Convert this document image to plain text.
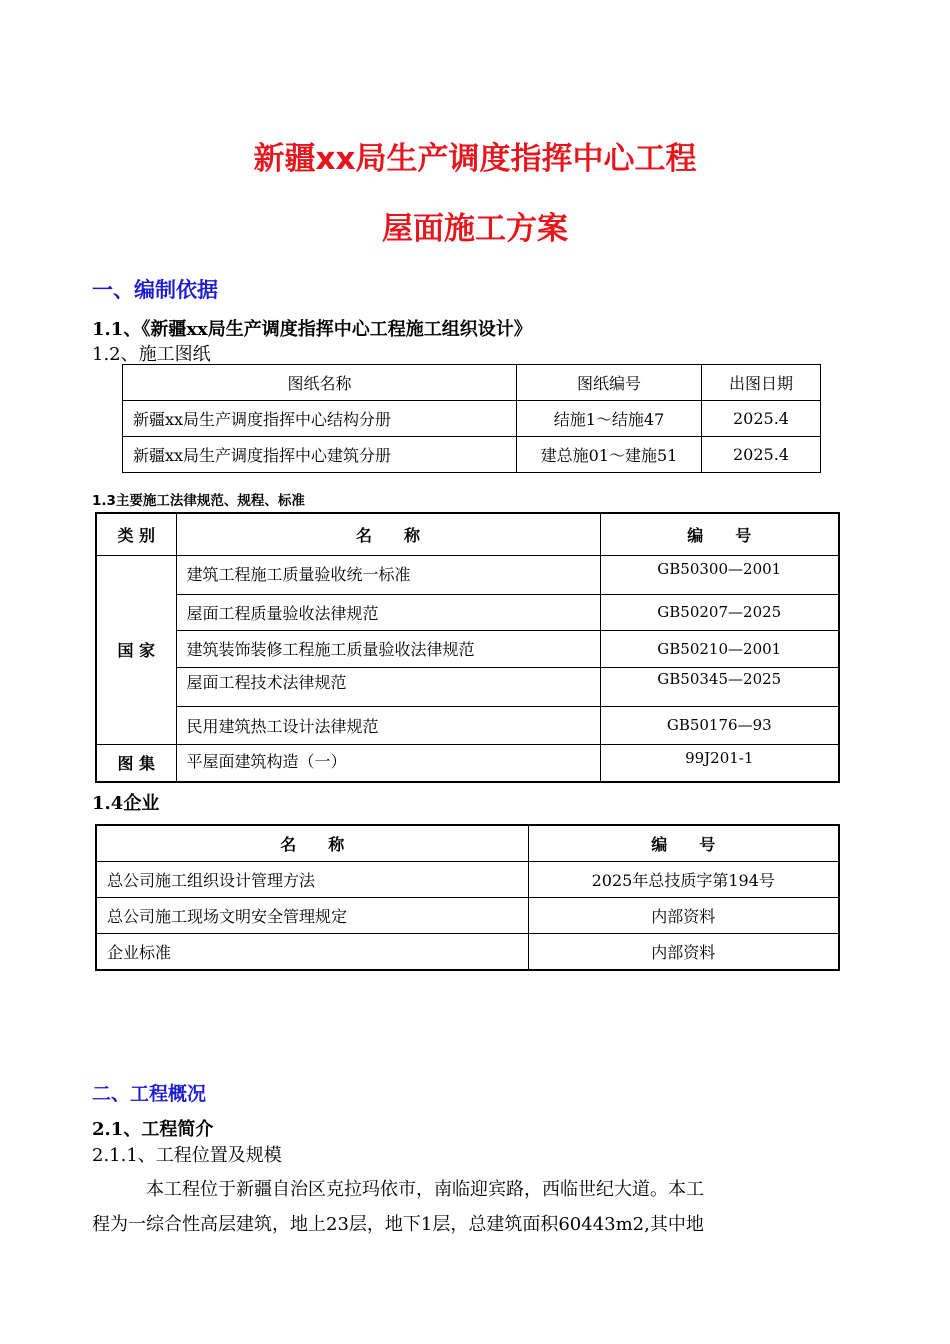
新疆xx局生产调度指挥中心工程
屋面施工方案
一、编制依据
1.1、《新疆xx局生产调度指挥中心工程施工组织设计》
1.2、施工图纸
图纸名称	图纸编号	出图日期
新疆xx局生产调度指挥中心结构分册	结施1～结施47	2025.4
新疆xx局生产调度指挥中心建筑分册	建总施01～建施51	2025.4
1.3主要施工法律规范、规程、标准
类 别	名　　称	编　　号
国 家	建筑工程施工质量验收统一标准	GB50300—2001
	屋面工程质量验收法律规范	GB50207—2025
	建筑装饰装修工程施工质量验收法律规范	GB50210—2001
	屋面工程技术法律规范	GB50345—2025
	民用建筑热工设计法律规范	GB50176—93
图 集	平屋面建筑构造（一）	99J201-1
1.4企业
名　　称	编　　号
总公司施工组织设计管理方法	2025年总技质字第194号
总公司施工现场文明安全管理规定	内部资料
企业标准	内部资料
二、工程概况
2.1、工程简介
2.1.1、工程位置及规模
本工程位于新疆自治区克拉玛依市，南临迎宾路，西临世纪大道。本工
程为一综合性高层建筑，地上23层，地下1层，总建筑面积60443m2,其中地
